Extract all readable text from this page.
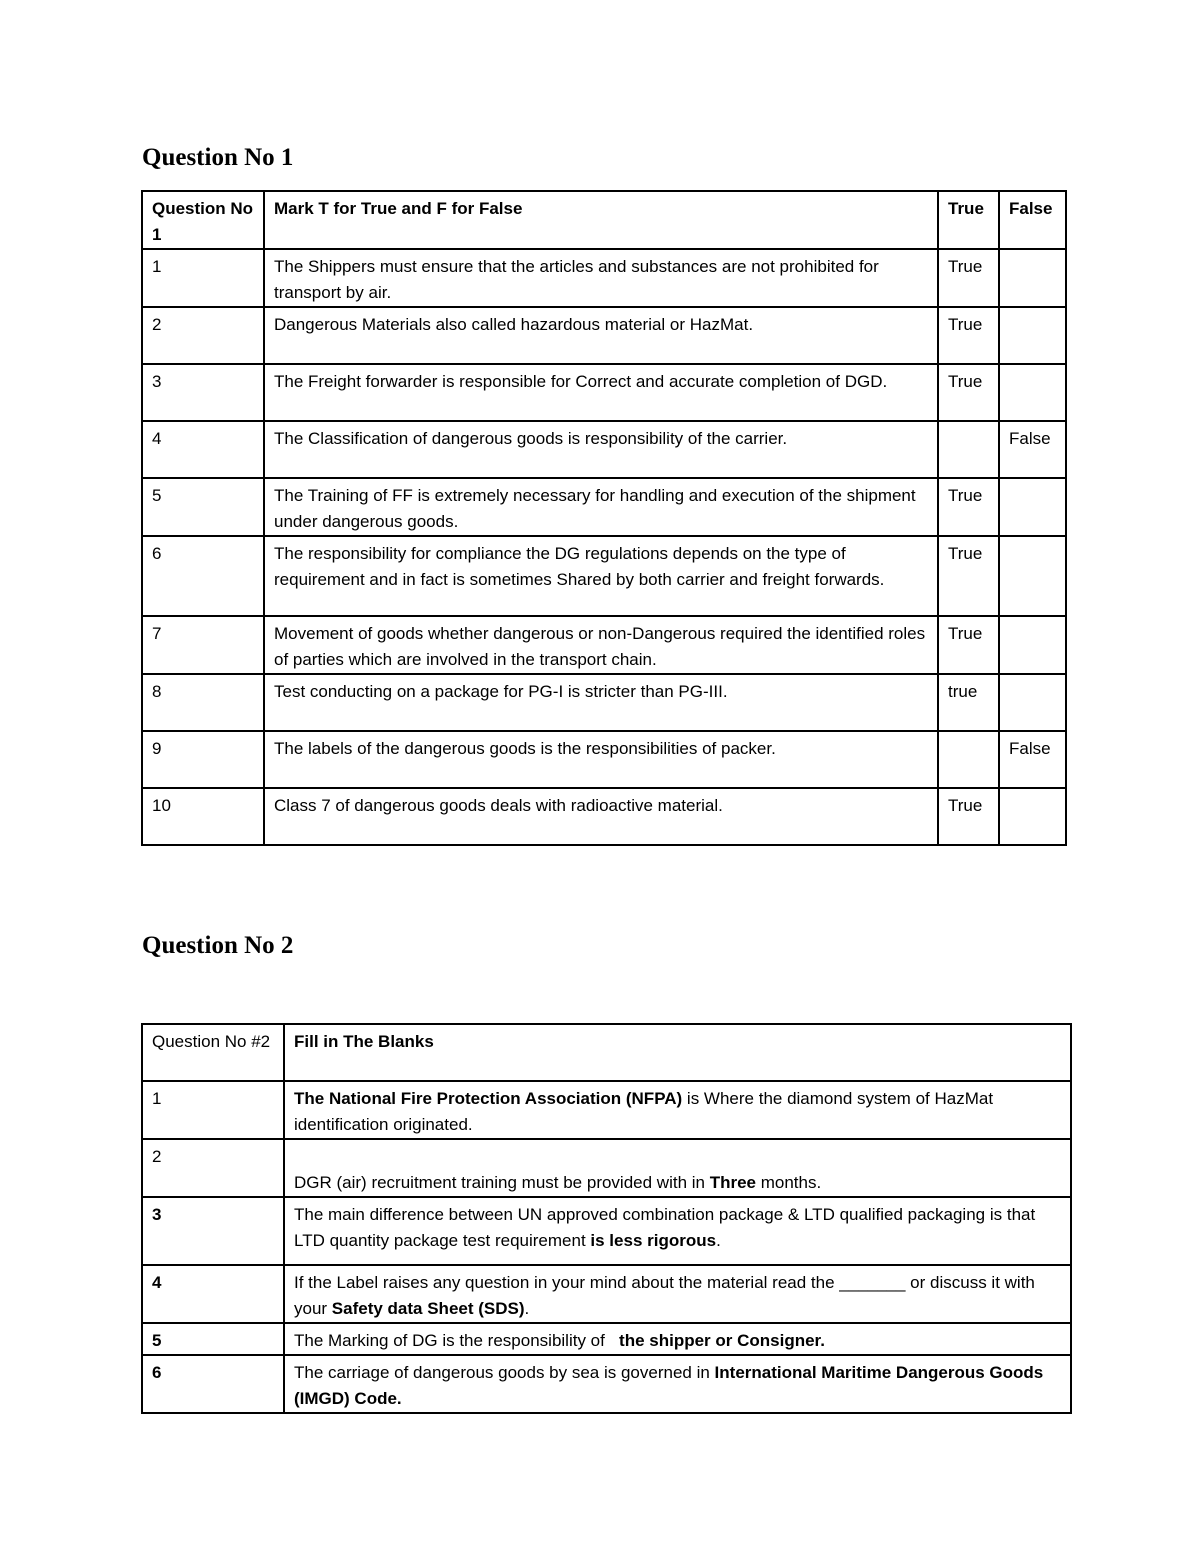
Question No 1
Question No 1	Mark T for True and F for False	True	False
1	The Shippers must ensure that the articles and substances are not prohibited for transport by air.	True	
2	Dangerous Materials also called hazardous material or HazMat.	True	
3	The Freight forwarder is responsible for Correct and accurate completion of DGD.	True	
4	The Classification of dangerous goods is responsibility of the carrier.		False
5	The Training of FF is extremely necessary for handling and execution of the shipment under dangerous goods.	True	
6	The responsibility for compliance the DG regulations depends on the type of requirement and in fact is sometimes Shared by both carrier and freight forwards.	True	
7	Movement of goods whether dangerous or non-Dangerous required the identified roles of parties which are involved in the transport chain.	True	
8	Test conducting on a package for PG-I is stricter than PG-III.	true	
9	The labels of the dangerous goods is the responsibilities of packer.		False
10	Class 7 of dangerous goods deals with radioactive material.	True	
Question No 2
Question No #2	Fill in The Blanks
1	The National Fire Protection Association (NFPA) is Where the diamond system of HazMat identification originated.
2	DGR (air) recruitment training must be provided with in Three months.
3	The main difference between UN approved combination package & LTD qualified packaging is that LTD quantity package test requirement is less rigorous.
4	If the Label raises any question in your mind about the material read the _______ or discuss it with your Safety data Sheet (SDS).
5	The Marking of DG is the responsibility of   the shipper or Consigner.
6	The carriage of dangerous goods by sea is governed in International Maritime Dangerous Goods (IMGD) Code.
